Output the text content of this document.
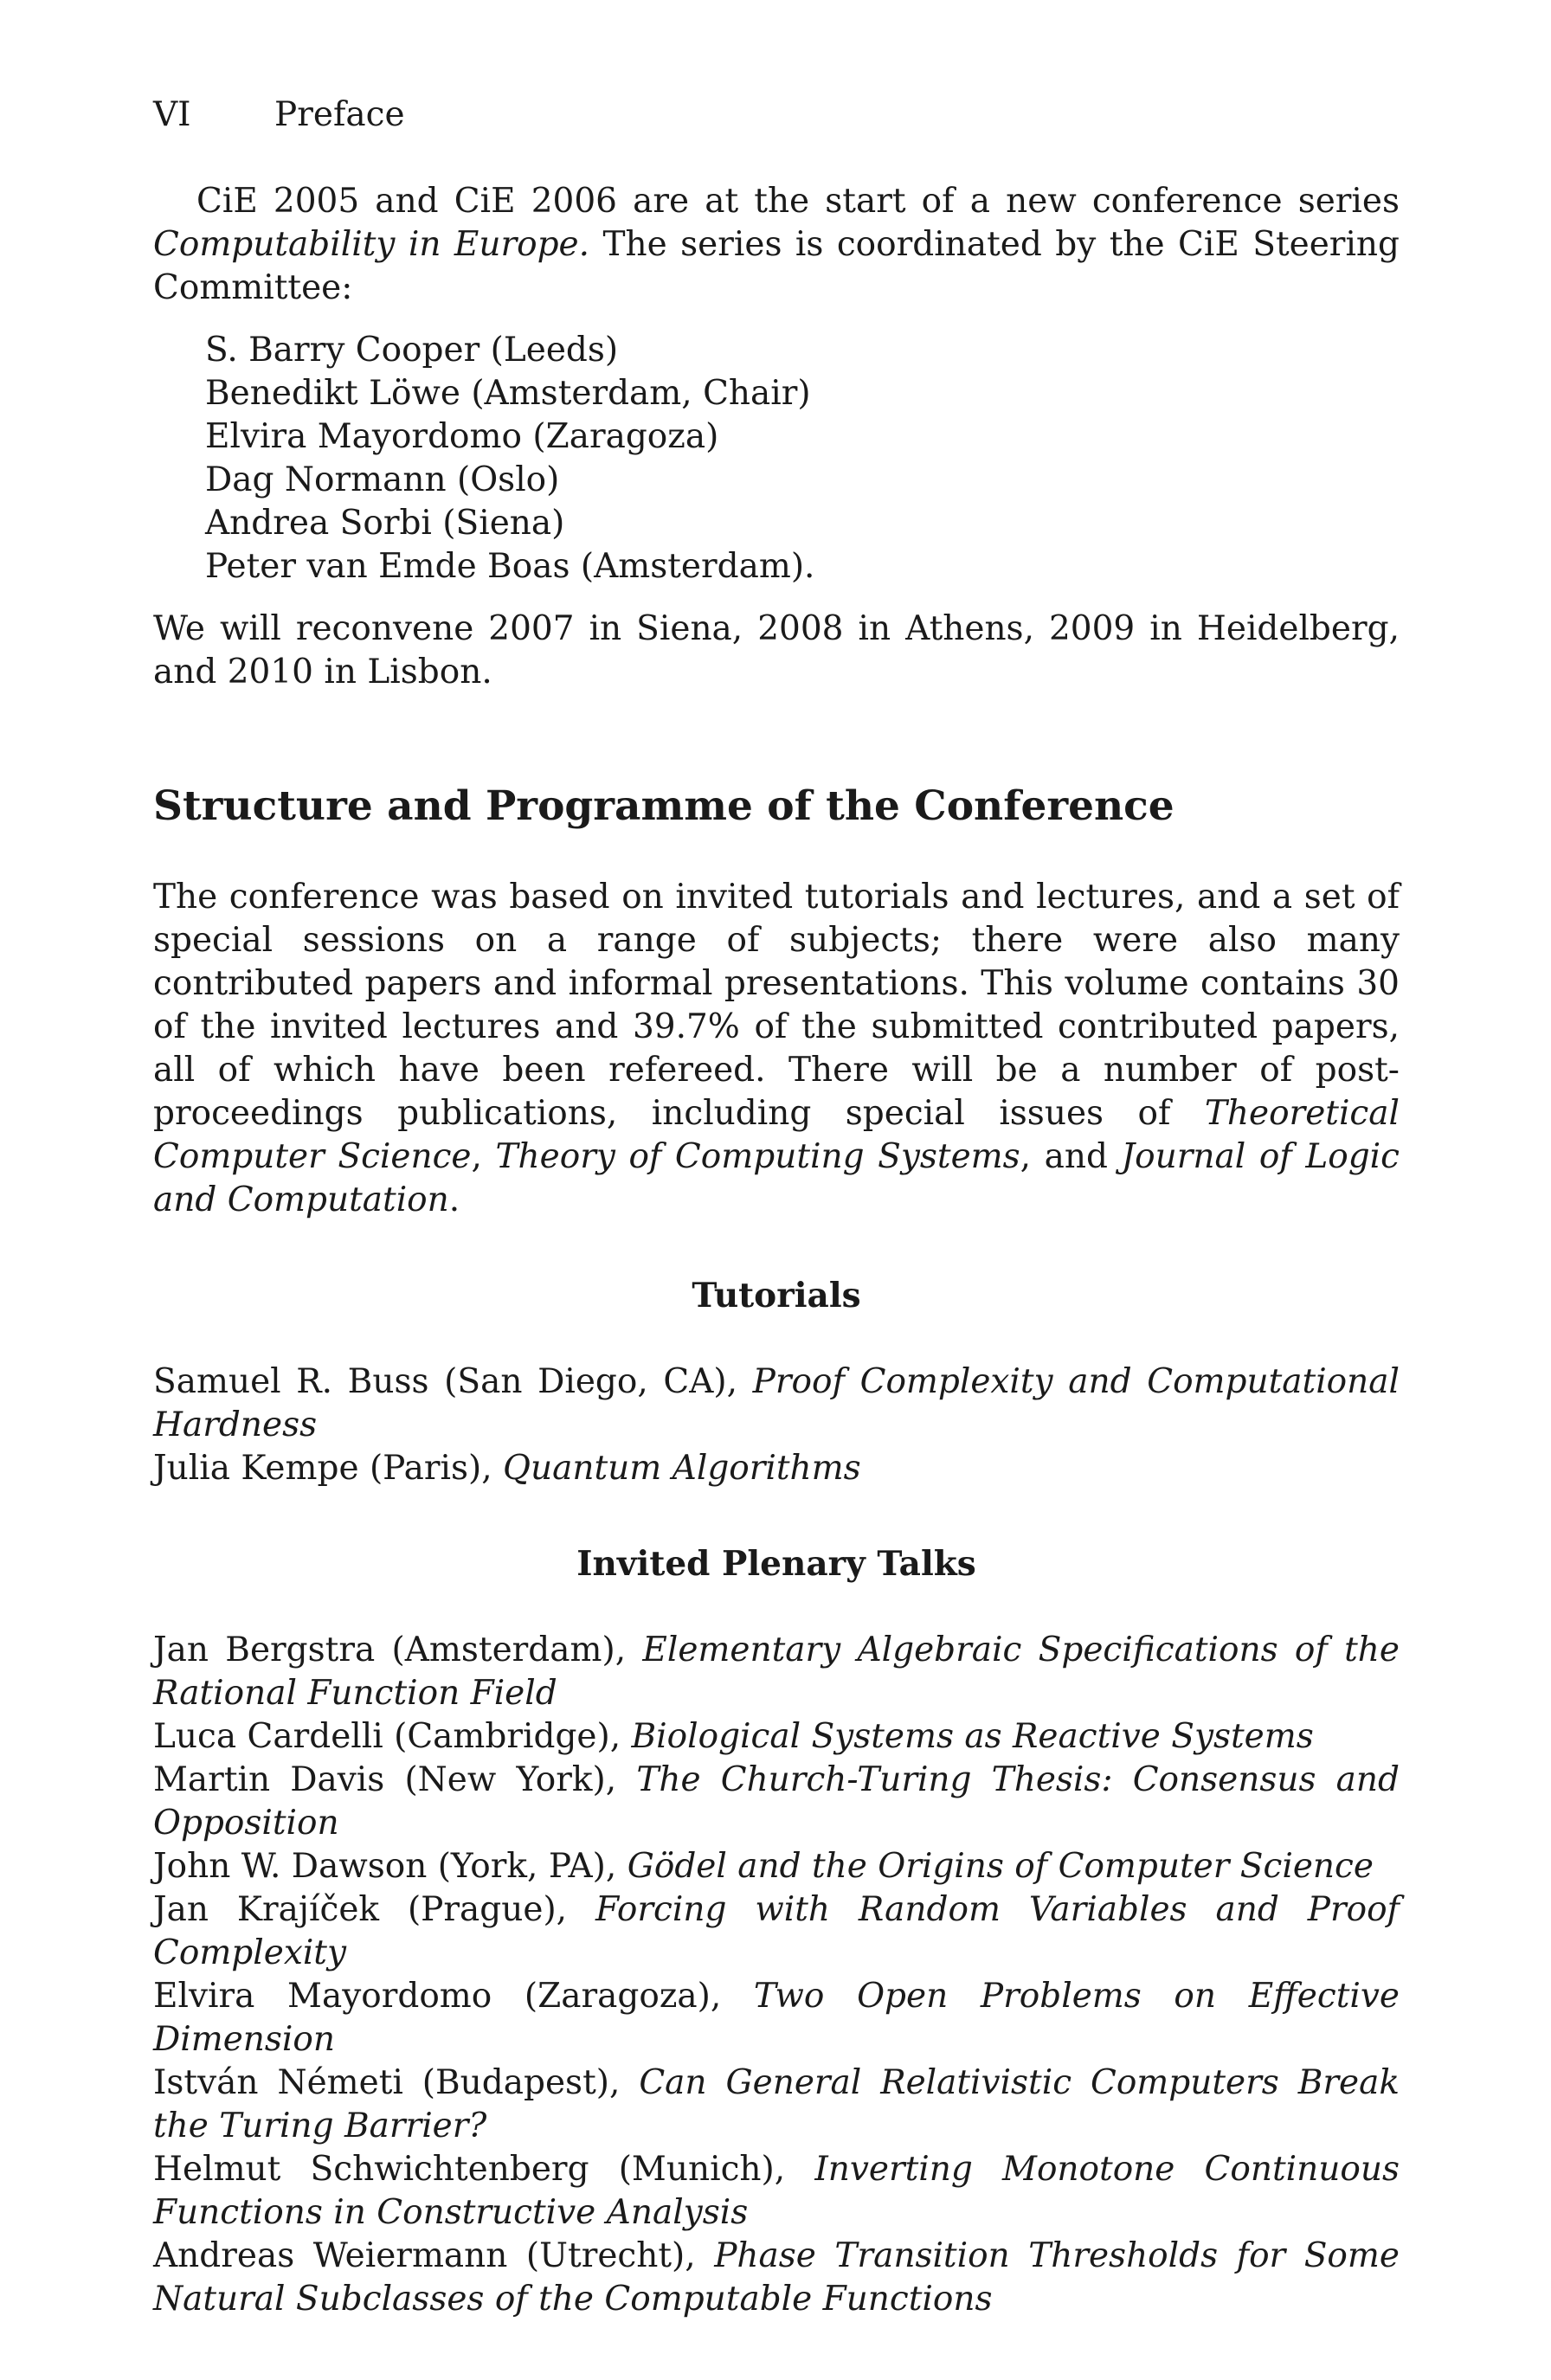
VI Preface

CiE 2005 and CiE 2006 are at the start of a new conference series Computability in Europe. The series is coordinated by the CiE Steering Committee:

S. Barry Cooper (Leeds)
Benedikt Löwe (Amsterdam, Chair)
Elvira Mayordomo (Zaragoza)
Dag Normann (Oslo)
Andrea Sorbi (Siena)
Peter van Emde Boas (Amsterdam).

We will reconvene 2007 in Siena, 2008 in Athens, 2009 in Heidelberg, and 2010 in Lisbon.

Structure and Programme of the Conference

The conference was based on invited tutorials and lectures, and a set of special sessions on a range of subjects; there were also many contributed papers and informal presentations. This volume contains 30 of the invited lectures and 39.7% of the submitted contributed papers, all of which have been refereed. There will be a number of post-proceedings publications, including special issues of Theoretical Computer Science, Theory of Computing Systems, and Journal of Logic and Computation.

Tutorials
Samuel R. Buss (San Diego, CA), Proof Complexity and Computational Hardness
Julia Kempe (Paris), Quantum Algorithms
Invited Plenary Talks
Jan Bergstra (Amsterdam), Elementary Algebraic Specifications of the Rational Function Field
Luca Cardelli (Cambridge), Biological Systems as Reactive Systems
Martin Davis (New York), The Church-Turing Thesis: Consensus and Opposition
John W. Dawson (York, PA), Gödel and the Origins of Computer Science
Jan Krajíček (Prague), Forcing with Random Variables and Proof Complexity
Elvira Mayordomo (Zaragoza), Two Open Problems on Effective Dimension
István Németi (Budapest), Can General Relativistic Computers Break the Turing Barrier?
Helmut Schwichtenberg (Munich), Inverting Monotone Continuous Functions in Constructive Analysis
Andreas Weiermann (Utrecht), Phase Transition Thresholds for Some Natural Subclasses of the Computable Functions
